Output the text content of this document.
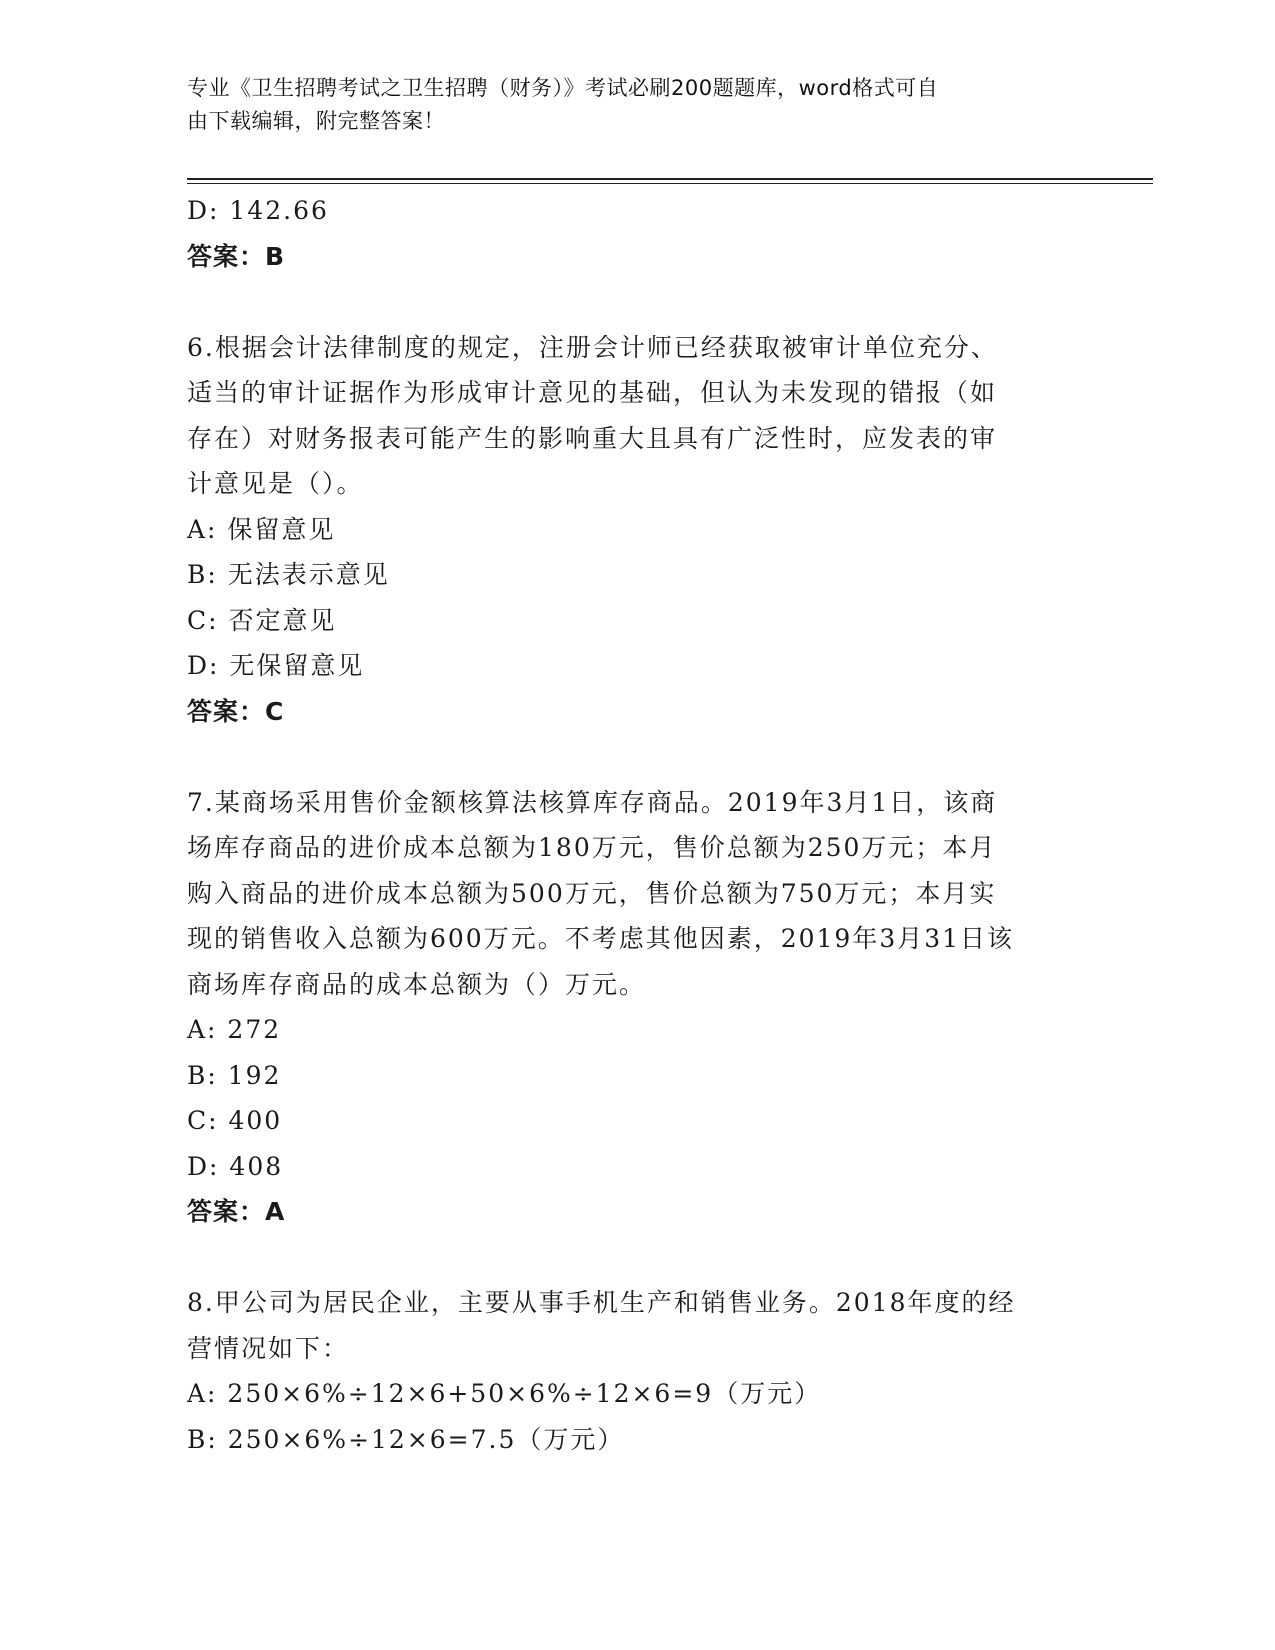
专业《卫生招聘考试之卫生招聘（财务）》考试必刷200题题库，word格式可自
由下载编辑，附完整答案！
D: 142.66
答案：B
6.根据会计法律制度的规定，注册会计师已经获取被审计单位充分、
适当的审计证据作为形成审计意见的基础，但认为未发现的错报（如
存在）对财务报表可能产生的影响重大且具有广泛性时，应发表的审
计意见是（）。
A: 保留意见
B: 无法表示意见
C: 否定意见
D: 无保留意见
答案：C
7.某商场采用售价金额核算法核算库存商品。2019年3月1日，该商
场库存商品的进价成本总额为180万元，售价总额为250万元；本月
购入商品的进价成本总额为500万元，售价总额为750万元；本月实
现的销售收入总额为600万元。不考虑其他因素，2019年3月31日该
商场库存商品的成本总额为（）万元。
A: 272
B: 192
C: 400
D: 408
答案：A
8.甲公司为居民企业，主要从事手机生产和销售业务。2018年度的经
营情况如下：
A: 250×6%÷12×6+50×6%÷12×6=9（万元）
B: 250×6%÷12×6=7.5（万元）
